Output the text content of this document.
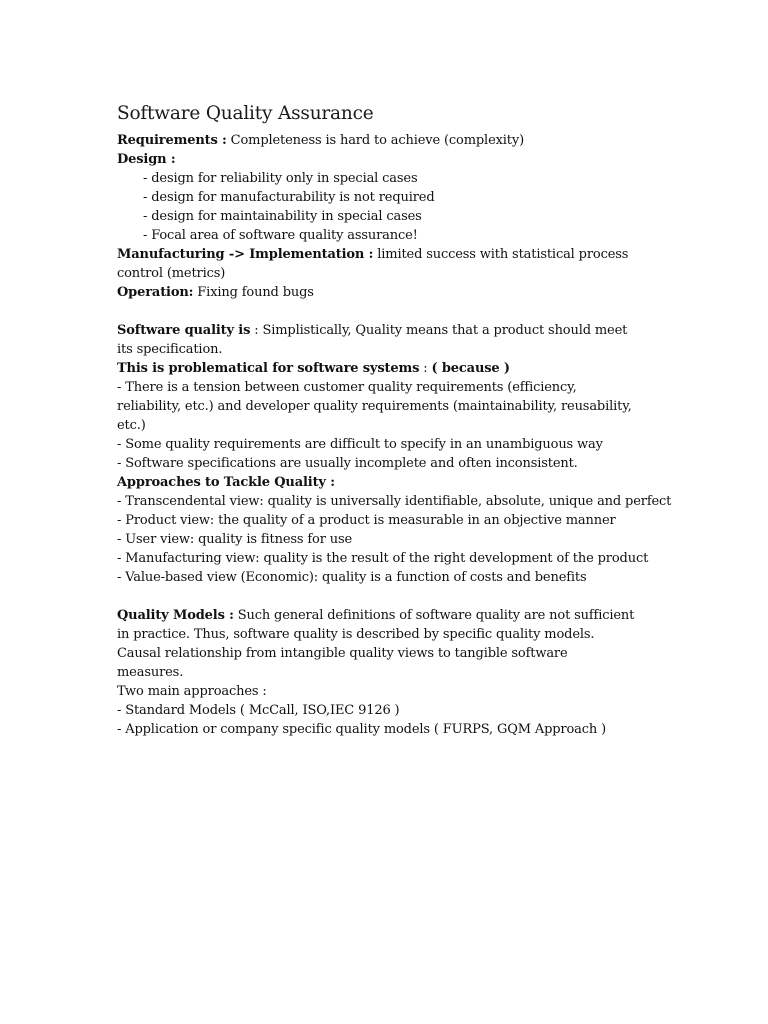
Software Quality Assurance
Requirements : Completeness is hard to achieve (complexity)
Design :
- design for reliability only in special cases
- design for manufacturability is not required
- design for maintainability in special cases
- Focal area of software quality assurance!
Manufacturing -> Implementation : limited success with statistical process control (metrics)
Operation: Fixing found bugs
Software quality is : Simplistically, Quality means that a product should meet its specification.
This is problematical for software systems : ( because )
- There is a tension between customer quality requirements (efficiency, reliability, etc.) and developer quality requirements (maintainability, reusability, etc.)
- Some quality requirements are difficult to specify in an unambiguous way
- Software specifications are usually incomplete and often inconsistent.
Approaches to Tackle Quality :
- Transcendental view: quality is universally identifiable, absolute, unique and perfect
- Product view: the quality of a product is measurable in an objective manner
- User view: quality is fitness for use
- Manufacturing view: quality is the result of the right development of the product
- Value-based view (Economic): quality is a function of costs and benefits
Quality Models : Such general definitions of software quality are not sufficient in practice. Thus, software quality is described by specific quality models. Causal relationship from intangible quality views to tangible software measures.
Two main approaches :
- Standard Models ( McCall, ISO,IEC 9126 )
- Application or company specific quality models ( FURPS, GQM Approach )
